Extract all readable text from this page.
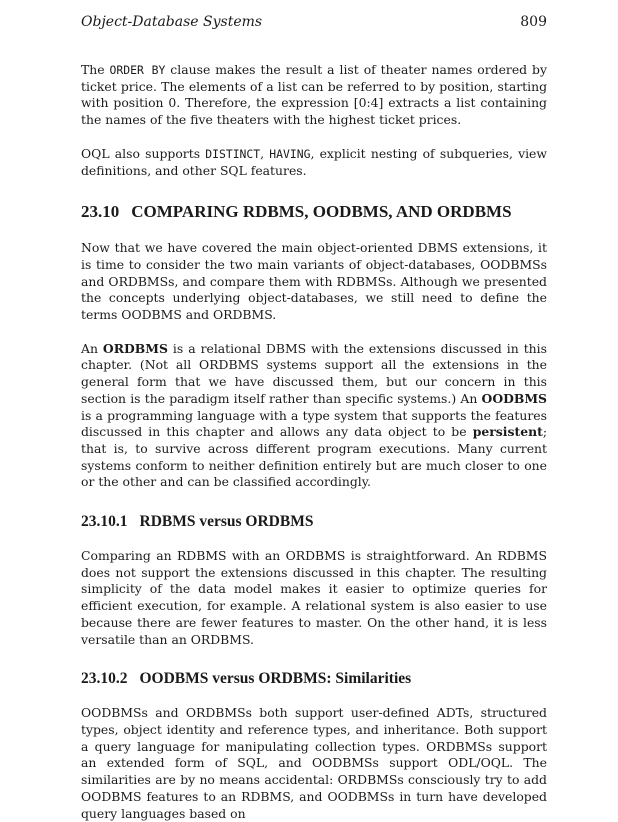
Object-Database Systems	809

The ORDER BY clause makes the result a list of theater names ordered by ticket price. The elements of a list can be referred to by position, starting with position 0. Therefore, the expression [0:4] extracts a list containing the names of the five theaters with the highest ticket prices.

OQL also supports DISTINCT, HAVING, explicit nesting of subqueries, view definitions, and other SQL features.

23.10 COMPARING RDBMS, OODBMS, AND ORDBMS

Now that we have covered the main object-oriented DBMS extensions, it is time to consider the two main variants of object-databases, OODBMSs and ORDBMSs, and compare them with RDBMSs. Although we presented the concepts underlying object-databases, we still need to define the terms OODBMS and ORDBMS.

An ORDBMS is a relational DBMS with the extensions discussed in this chapter. (Not all ORDBMS systems support all the extensions in the general form that we have discussed them, but our concern in this section is the paradigm itself rather than specific systems.) An OODBMS is a programming language with a type system that supports the features discussed in this chapter and allows any data object to be persistent; that is, to survive across different program executions. Many current systems conform to neither definition entirely but are much closer to one or the other and can be classified accordingly.

23.10.1 RDBMS versus ORDBMS

Comparing an RDBMS with an ORDBMS is straightforward. An RDBMS does not support the extensions discussed in this chapter. The resulting simplicity of the data model makes it easier to optimize queries for efficient execution, for example. A relational system is also easier to use because there are fewer features to master. On the other hand, it is less versatile than an ORDBMS.

23.10.2 OODBMS versus ORDBMS: Similarities

OODBMSs and ORDBMSs both support user-defined ADTs, structured types, object identity and reference types, and inheritance. Both support a query language for manipulating collection types. ORDBMSs support an extended form of SQL, and OODBMSs support ODL/OQL. The similarities are by no means accidental: ORDBMSs consciously try to add OODBMS features to an RDBMS, and OODBMSs in turn have developed query languages based on
